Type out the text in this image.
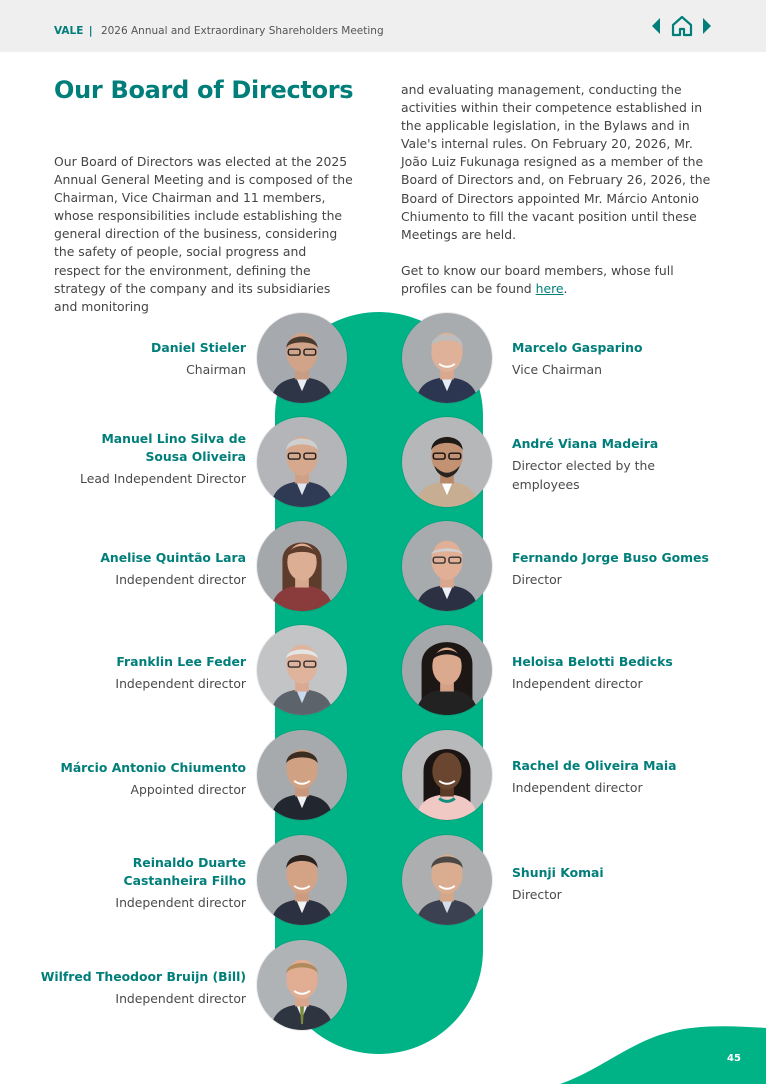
VALE | 2026 Annual and Extraordinary Shareholders Meeting
Our Board of Directors

Our Board of Directors was elected at the 2025 Annual General Meeting and is composed of the Chairman, Vice Chairman and 11 members, whose responsibilities include establishing the general direction of the business, considering the safety of people, social progress and respect for the environment, defining the strategy of the company and its subsidiaries and monitoring

and evaluating management, conducting the activities within their competence established in the applicable legislation, in the Bylaws and in Vale's internal rules. On February 20, 2026, Mr. João Luiz Fukunaga resigned as a member of the Board of Directors and, on February 26, 2026, the Board of Directors appointed Mr. Márcio Antonio Chiumento to fill the vacant position until these Meetings are held.

Get to know our board members, whose full profiles can be found here.

Daniel Stieler
Chairman
Manuel Lino Silva de Sousa Oliveira
Lead Independent Director
Anelise Quintão Lara
Independent director
Franklin Lee Feder
Independent director
Márcio Antonio Chiumento
Appointed director
Reinaldo Duarte Castanheira Filho
Independent director
Wilfred Theodoor Bruijn (Bill)
Independent director
Marcelo Gasparino
Vice Chairman
André Viana Madeira
Director elected by the employees
Fernando Jorge Buso Gomes
Director
Heloisa Belotti Bedicks
Independent director
Rachel de Oliveira Maia
Independent director
Shunji Komai
Director
45
